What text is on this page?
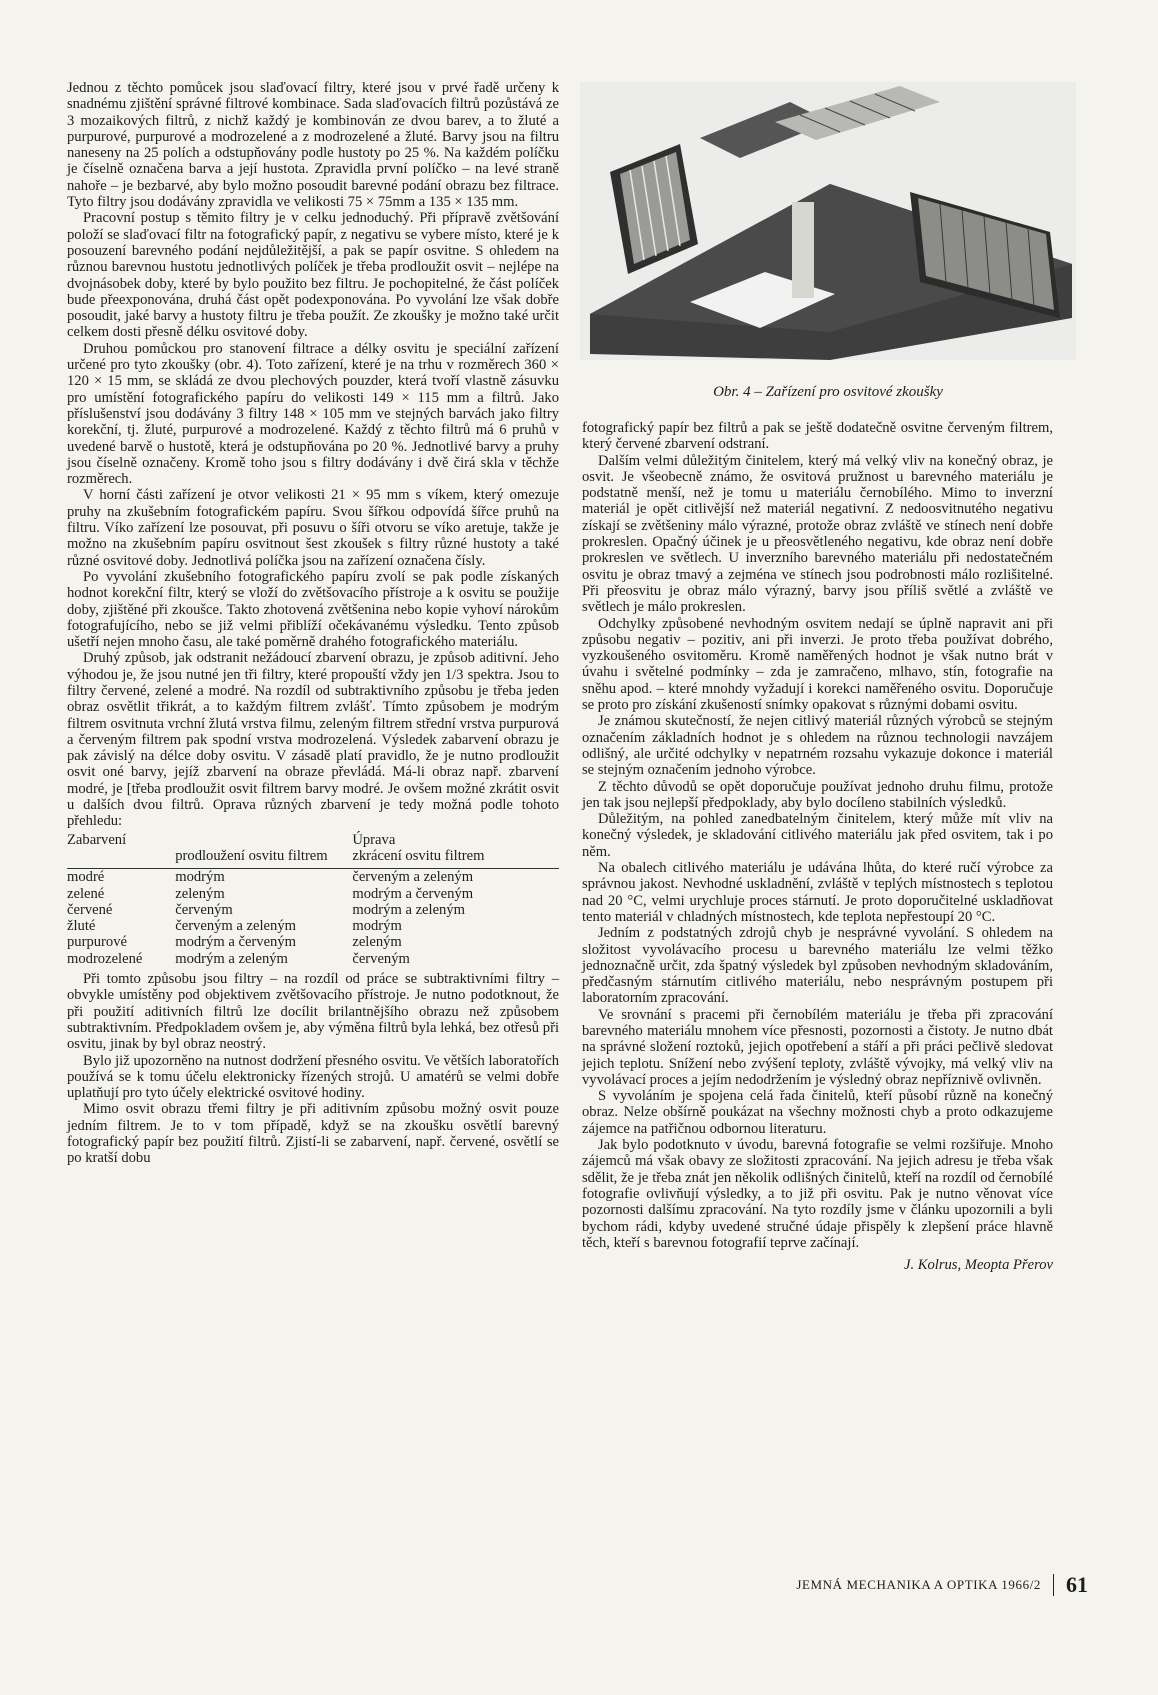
Jednou z těchto pomůcek jsou slaďovací filtry, které jsou v prvé řadě určeny k snadnému zjištění správné filtrové kombinace. Sada slaďovacích filtrů pozůstává ze 3 mozaikových filtrů, z nichž každý je kombinován ze dvou barev, a to žluté a purpurové, purpurové a modrozelené a z modrozelené a žluté. Barvy jsou na filtru naneseny na 25 polích a odstupňovány podle hustoty po 25 %. Na každém políčku je číselně označena barva a její hustota. Zpravidla první políčko – na levé straně nahoře – je bezbarvé, aby bylo možno posoudit barevné podání obrazu bez filtrace. Tyto filtry jsou dodávány zpravidla ve velikosti 75 × 75mm a 135 × 135 mm.

Pracovní postup s těmito filtry je v celku jednoduchý. Při přípravě zvětšování položí se slaďovací filtr na fotografický papír, z negativu se vybere místo, které je k posouzení barevného podání nejdůležitější, a pak se papír osvitne. S ohledem na různou barevnou hustotu jednotlivých políček je třeba prodloužit osvit – nejlépe na dvojnásobek doby, které by bylo použito bez filtru. Je pochopitelné, že část políček bude přeexponována, druhá část opět podexponována. Po vyvolání lze však dobře posoudit, jaké barvy a hustoty filtru je třeba použít. Ze zkoušky je možno také určit celkem dosti přesně délku osvitové doby.

Druhou pomůckou pro stanovení filtrace a délky osvitu je speciální zařízení určené pro tyto zkoušky (obr. 4). Toto zařízení, které je na trhu v rozměrech 360 × 120 × 15 mm, se skládá ze dvou plechových pouzder, která tvoří vlastně zásuvku pro umístění fotografického papíru do velikosti 149 × 115 mm a filtrů. Jako příslušenství jsou dodávány 3 filtry 148 × 105 mm ve stejných barvách jako filtry korekční, tj. žluté, purpurové a modrozelené. Každý z těchto filtrů má 6 pruhů v uvedené barvě o hustotě, která je odstupňována po 20 %. Jednotlivé barvy a pruhy jsou číselně označeny. Kromě toho jsou s filtry dodávány i dvě čirá skla v těchže rozměrech.

V horní části zařízení je otvor velikosti 21 × 95 mm s víkem, který omezuje pruhy na zkušebním fotografickém papíru. Svou šířkou odpovídá šířce pruhů na filtru. Víko zařízení lze posouvat, při posuvu o šíři otvoru se víko aretuje, takže je možno na zkušebním papíru osvitnout šest zkoušek s filtry různé hustoty a také různé osvitové doby. Jednotlivá políčka jsou na zařízení označena čísly.

Po vyvolání zkušebního fotografického papíru zvolí se pak podle získaných hodnot korekční filtr, který se vloží do zvětšovacího přístroje a k osvitu se použije doby, zjištěné při zkoušce. Takto zhotovená zvětšenina nebo kopie vyhoví nárokům fotografujícího, nebo se již velmi přiblíží očekávanému výsledku. Tento způsob ušetří nejen mnoho času, ale také poměrně drahého fotografického materiálu.

Druhý způsob, jak odstranit nežádoucí zbarvení obrazu, je způsob aditivní. Jeho výhodou je, že jsou nutné jen tři filtry, které propouští vždy jen 1/3 spektra. Jsou to filtry červené, zelené a modré. Na rozdíl od subtraktivního způsobu je třeba jeden obraz osvětlit třikrát, a to každým filtrem zvlášť. Tímto způsobem je modrým filtrem osvitnuta vrchní žlutá vrstva filmu, zeleným filtrem střední vrstva purpurová a červeným filtrem pak spodní vrstva modrozelená. Výsledek zabarvení obrazu je pak závislý na délce doby osvitu. V zásadě platí pravidlo, že je nutno prodloužit osvit oné barvy, jejíž zbarvení na obraze převládá. Má-li obraz např. zbarvení modré, je [třeba prodloužit osvit filtrem barvy modré. Je ovšem možné zkrátit osvit u dalších dvou filtrů. Oprava různých zbarvení je tedy možná podle tohoto přehledu:

Zabarvení		Úprava
	prodloužení osvitu filtrem	zkrácení osvitu filtrem

modré	modrým	červeným a zeleným
zelené	zeleným	modrým a červeným
červené	červeným	modrým a zeleným
žluté	červeným a zeleným	modrým
purpurové	modrým a červeným	zeleným
modrozelené	modrým a zeleným	červeným

Při tomto způsobu jsou filtry – na rozdíl od práce se subtraktivními filtry – obvykle umístěny pod objektivem zvětšovacího přístroje. Je nutno podotknout, že při použití aditivních filtrů lze docílit brilantnějšího obrazu než způsobem subtraktivním. Předpokladem ovšem je, aby výměna filtrů byla lehká, bez otřesů při osvitu, jinak by byl obraz neostrý.

Bylo již upozorněno na nutnost dodržení přesného osvitu. Ve větších laboratořích používá se k tomu účelu elektronicky řízených strojů. U amatérů se velmi dobře uplatňují pro tyto účely elektrické osvitové hodiny.

Mimo osvit obrazu třemi filtry je při aditivním způsobu možný osvit pouze jedním filtrem. Je to v tom případě, když se na zkoušku osvětlí barevný fotografický papír bez použití filtrů. Zjistí-li se zabarvení, např. červené, osvětlí se po kratší dobu

Obr. 4 – Zařízení pro osvitové zkoušky

fotografický papír bez filtrů a pak se ještě dodatečně osvitne červeným filtrem, který červené zbarvení odstraní.

Dalším velmi důležitým činitelem, který má velký vliv na konečný obraz, je osvit. Je všeobecně známo, že osvitová pružnost u barevného materiálu je podstatně menší, než je tomu u materiálu černobílého. Mimo to inverzní materiál je opět citlivější než materiál negativní. Z nedoosvitnutého negativu získají se zvětšeniny málo výrazné, protože obraz zvláště ve stínech není dobře prokreslen. Opačný účinek je u přeosvětleného negativu, kde obraz není dobře prokreslen ve světlech. U inverzního barevného materiálu při nedostatečném osvitu je obraz tmavý a zejména ve stínech jsou podrobnosti málo rozlišitelné. Při přeosvitu je obraz málo výrazný, barvy jsou příliš světlé a zvláště ve světlech je málo prokreslen.

Odchylky způsobené nevhodným osvitem nedají se úplně napravit ani při způsobu negativ – pozitiv, ani při inverzi. Je proto třeba používat dobrého, vyzkoušeného osvitoměru. Kromě naměřených hodnot je však nutno brát v úvahu i světelné podmínky – zda je zamračeno, mlhavo, stín, fotografie na sněhu apod. – které mnohdy vyžadují i korekci naměřeného osvitu. Doporučuje se proto pro získání zkušeností snímky opakovat s různými dobami osvitu.

Je známou skutečností, že nejen citlivý materiál různých výrobců se stejným označením základních hodnot je s ohledem na různou technologii navzájem odlišný, ale určité odchylky v nepatrném rozsahu vykazuje dokonce i materiál se stejným označením jednoho výrobce.

Z těchto důvodů se opět doporučuje používat jednoho druhu filmu, protože jen tak jsou nejlepší předpoklady, aby bylo docíleno stabilních výsledků.

Důležitým, na pohled zanedbatelným činitelem, který může mít vliv na konečný výsledek, je skladování citlivého materiálu jak před osvitem, tak i po něm.

Na obalech citlivého materiálu je udávána lhůta, do které ručí výrobce za správnou jakost. Nevhodné uskladnění, zvláště v teplých místnostech s teplotou nad 20 °C, velmi urychluje proces stárnutí. Je proto doporučitelné uskladňovat tento materiál v chladných místnostech, kde teplota nepřestoupí 20 °C.

Jedním z podstatných zdrojů chyb je nesprávné vyvolání. S ohledem na složitost vyvolávacího procesu u barevného materiálu lze velmi těžko jednoznačně určit, zda špatný výsledek byl způsoben nevhodným skladováním, předčasným stárnutím citlivého materiálu, nebo nesprávným postupem při laboratorním zpracování.

Ve srovnání s pracemi při černobílém materiálu je třeba při zpracování barevného materiálu mnohem více přesnosti, pozornosti a čistoty. Je nutno dbát na správné složení roztoků, jejich opotřebení a stáří a při práci pečlivě sledovat jejich teplotu. Snížení nebo zvýšení teploty, zvláště vývojky, má velký vliv na vyvolávací proces a jejím nedodržením je výsledný obraz nepříznivě ovlivněn.

S vyvoláním je spojena celá řada činitelů, kteří působí různě na konečný obraz. Nelze obšírně poukázat na všechny možnosti chyb a proto odkazujeme zájemce na patřičnou odbornou literaturu.

Jak bylo podotknuto v úvodu, barevná fotografie se velmi rozšiřuje. Mnoho zájemců má však obavy ze složitosti zpracování. Na jejich adresu je třeba však sdělit, že je třeba znát jen několik odlišných činitelů, kteří na rozdíl od černobílé fotografie ovlivňují výsledky, a to již při osvitu. Pak je nutno věnovat více pozornosti dalšímu zpracování. Na tyto rozdíly jsme v článku upozornili a byli bychom rádi, kdyby uvedené stručné údaje přispěly k zlepšení práce hlavně těch, kteří s barevnou fotografií teprve začínají.

J. Kolrus, Meopta Přerov
JEMNÁ MECHANIKA A OPTIKA 1966/2 61
